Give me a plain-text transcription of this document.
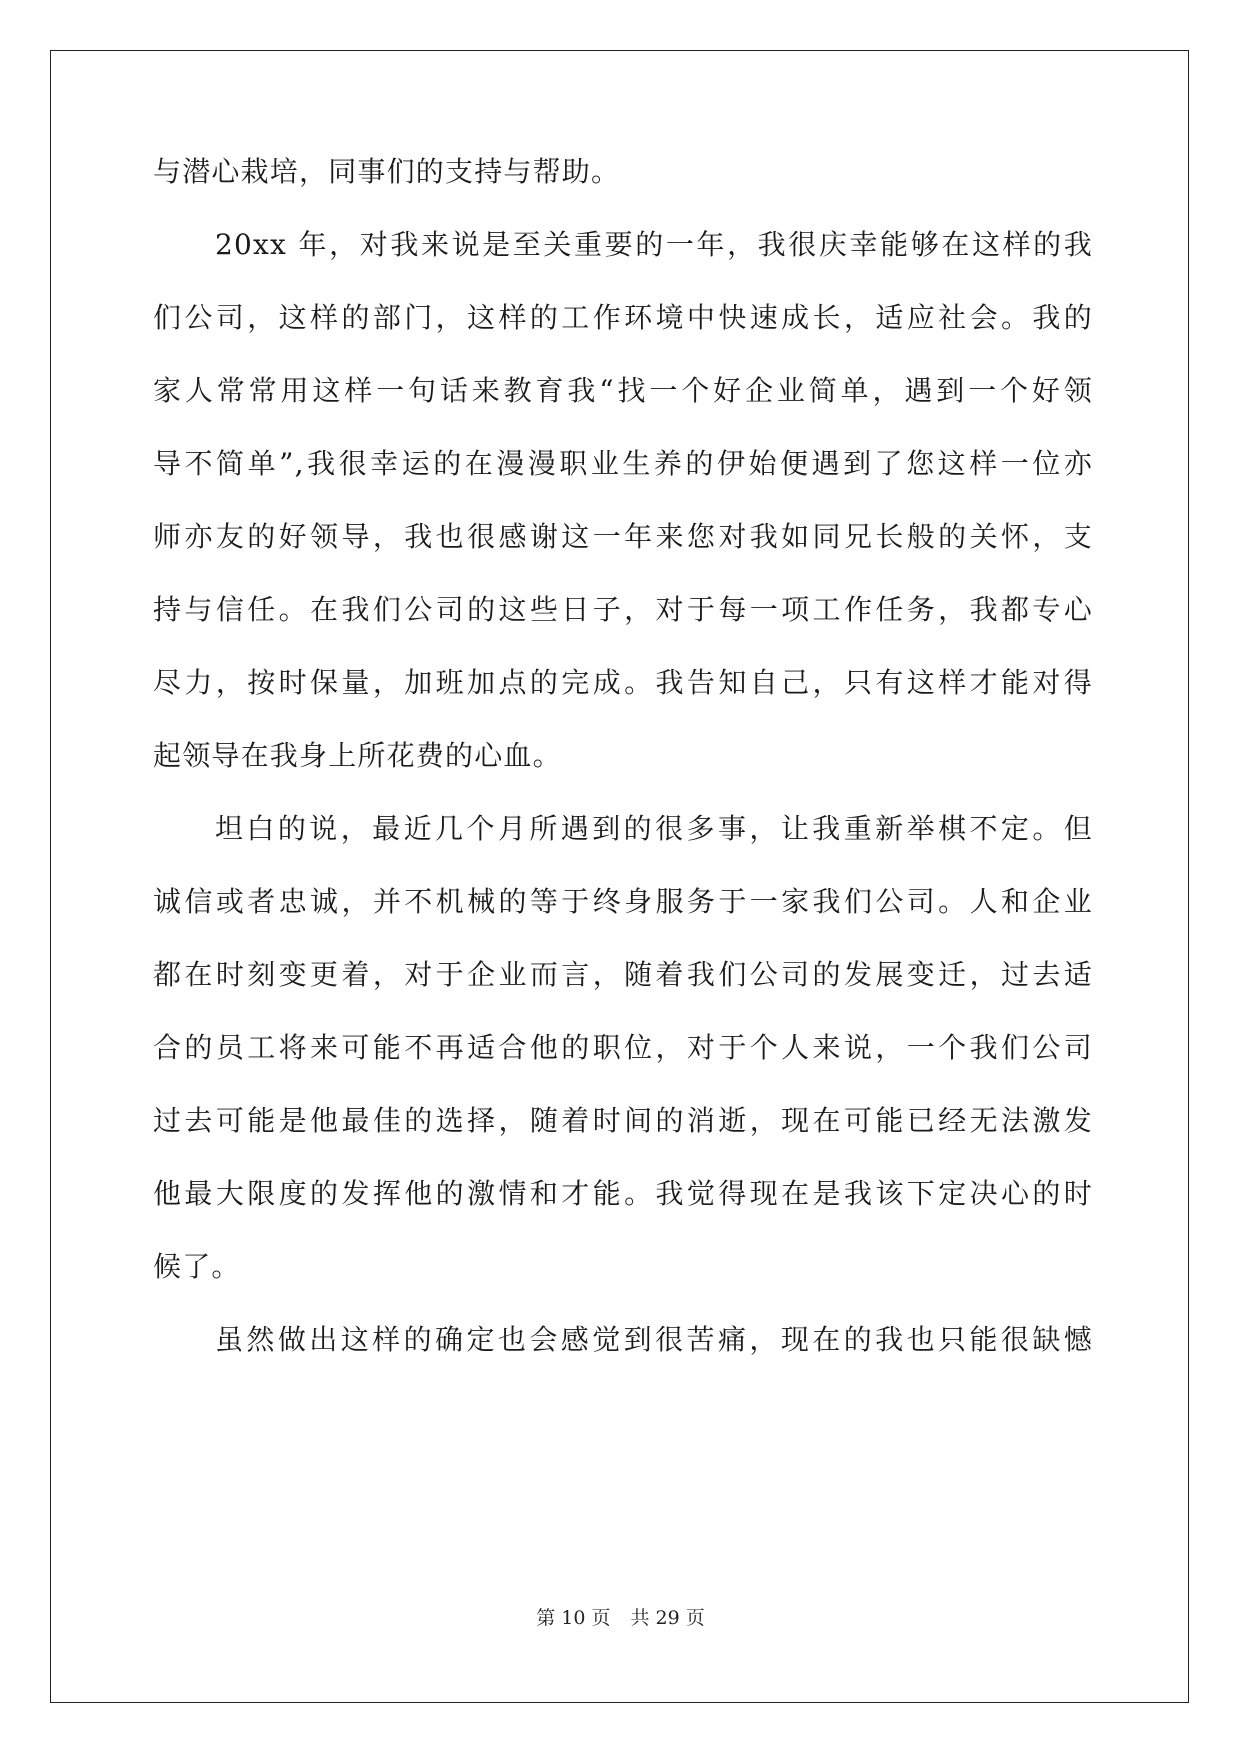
与潜心栽培，同事们的支持与帮助。
20xx 年，对我来说是至关重要的一年，我很庆幸能够在这样的我
们公司，这样的部门，这样的工作环境中快速成长，适应社会。我的
家人常常用这样一句话来教育我“找一个好企业简单，遇到一个好领
导不简单”,我很幸运的在漫漫职业生养的伊始便遇到了您这样一位亦
师亦友的好领导，我也很感谢这一年来您对我如同兄长般的关怀，支
持与信任。在我们公司的这些日子，对于每一项工作任务，我都专心
尽力，按时保量，加班加点的完成。我告知自己，只有这样才能对得
起领导在我身上所花费的心血。
坦白的说，最近几个月所遇到的很多事，让我重新举棋不定。但
诚信或者忠诚，并不机械的等于终身服务于一家我们公司。人和企业
都在时刻变更着，对于企业而言，随着我们公司的发展变迁，过去适
合的员工将来可能不再适合他的职位，对于个人来说，一个我们公司
过去可能是他最佳的选择，随着时间的消逝，现在可能已经无法激发
他最大限度的发挥他的激情和才能。我觉得现在是我该下定决心的时
候了。
虽然做出这样的确定也会感觉到很苦痛，现在的我也只能很缺憾
第 10 页 共 29 页
